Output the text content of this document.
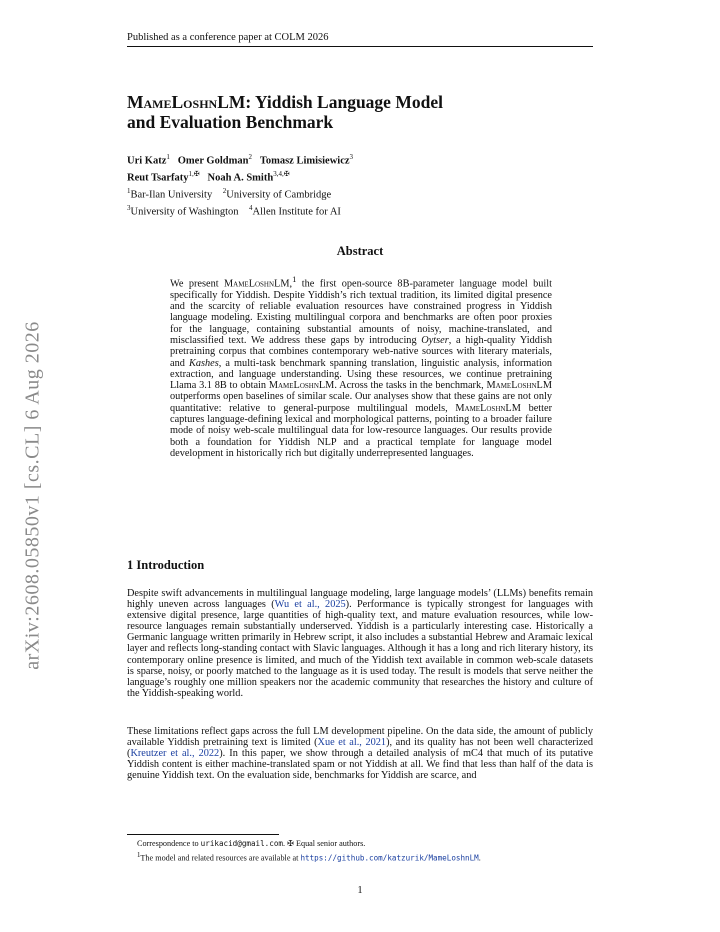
arXiv:2608.05850v1 [cs.CL] 6 Aug 2026
Published as a conference paper at COLM 2026
MameLoshnLM: Yiddish Language Model
and Evaluation Benchmark
Uri Katz$^1$ Omer Goldman$^2$ Tomasz Limisiewicz$^3$
Reut Tsarfaty$^{1,✠}$ Noah A. Smith$^{3,4,✠}$
$^1$Bar-Ilan University $^2$University of Cambridge
$^3$University of Washington $^4$Allen Institute for AI
Abstract

We present MameLoshnLM,$^1$ the first open-source 8B-parameter language model built specifically for Yiddish. Despite Yiddish’s rich textual tradition, its limited digital presence and the scarcity of reliable evaluation resources have constrained progress in Yiddish language modeling. Existing multilingual corpora and benchmarks are often poor proxies for the language, containing substantial amounts of noisy, machine-translated, and misclassified text. We address these gaps by introducing Oytser, a high-quality Yiddish pretraining corpus that combines contemporary web-native sources with literary materials, and Kashes, a multi-task benchmark spanning translation, linguistic analysis, information extraction, and language understanding. Using these resources, we continue pretraining Llama 3.1 8B to obtain MameLoshnLM. Across the tasks in the benchmark, MameLoshnLM outperforms open baselines of similar scale. Our analyses show that these gains are not only quantitative: relative to general-purpose multilingual models, MameLoshnLM better captures language-defining lexical and morphological patterns, pointing to a broader failure mode of noisy web-scale multilingual data for low-resource languages. Our results provide both a foundation for Yiddish NLP and a practical template for language model development in historically rich but digitally underrepresented languages.

1 Introduction

Despite swift advancements in multilingual language modeling, large language models’ (LLMs) benefits remain highly uneven across languages (Wu et al., 2025). Performance is typically strongest for languages with extensive digital presence, large quantities of high-quality text, and mature evaluation resources, while low-resource languages remain substantially underserved. Yiddish is a particularly interesting case. Historically a Germanic language written primarily in Hebrew script, it also includes a substantial Hebrew and Aramaic lexical layer and reflects long-standing contact with Slavic languages. Although it has a long and rich literary history, its contemporary online presence is limited, and much of the Yiddish text available in common web-scale datasets is sparse, noisy, or poorly matched to the language as it is used today. The result is models that serve neither the language’s roughly one million speakers nor the academic community that researches the history and culture of the Yiddish-speaking world.

These limitations reflect gaps across the full LM development pipeline. On the data side, the amount of publicly available Yiddish pretraining text is limited (Xue et al., 2021), and its quality has not been well characterized (Kreutzer et al., 2022). In this paper, we show through a detailed analysis of mC4 that much of its putative Yiddish content is either machine-translated spam or not Yiddish at all. We find that less than half of the data is genuine Yiddish text. On the evaluation side, benchmarks for Yiddish are scarce, and

Correspondence to urikacid@gmail.com. ✠ Equal senior authors.
$^1$The model and related resources are available at https://github.com/katzurik/MameLoshnLM.
1
